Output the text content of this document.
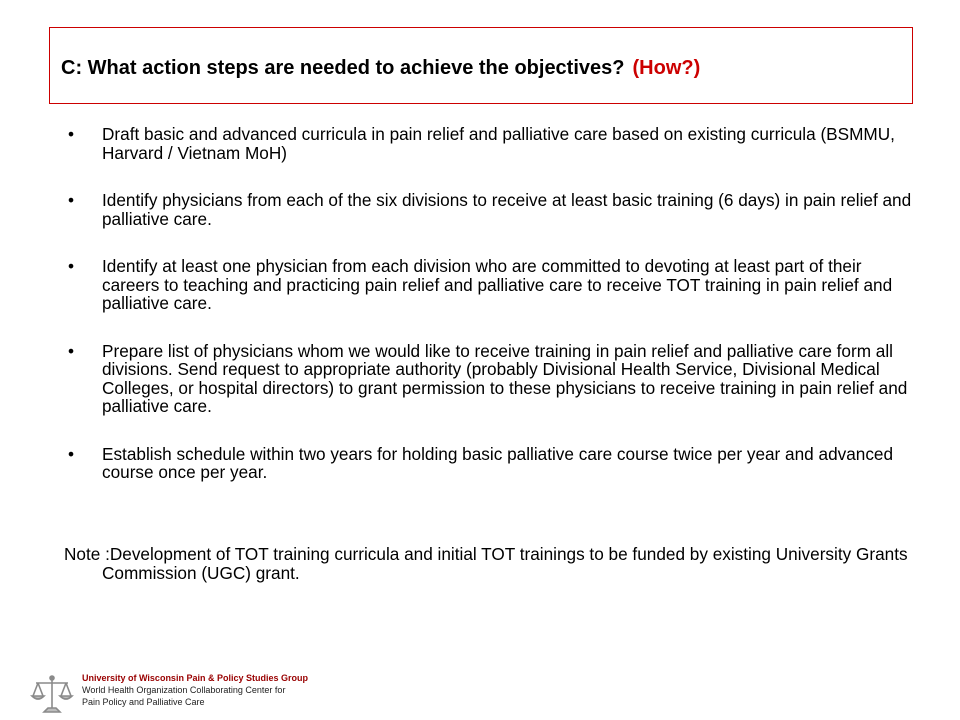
C: What action steps are needed to achieve the objectives? (How?)
• Draft basic and advanced curricula in pain relief and palliative care based on existing curricula (BSMMU, Harvard / Vietnam MoH)
• Identify physicians from each of the six divisions to receive at least basic training (6 days) in pain relief and palliative care.
• Identify at least one physician from each division who are committed to devoting at least part of their careers to teaching and practicing pain relief and palliative care to receive TOT training in pain relief and palliative care.
• Prepare list of physicians whom we would like to receive training in pain relief and palliative care form all divisions. Send request to appropriate authority (probably Divisional Health Service, Divisional Medical Colleges, or hospital directors) to grant permission to these physicians to receive training in pain relief and palliative care.
• Establish schedule within two years for holding basic palliative care course twice per year and advanced course once per year.
Note :Development of TOT training curricula and initial TOT trainings to be funded by existing University Grants Commission (UGC) grant.
University of Wisconsin Pain & Policy Studies Group
World Health Organization Collaborating Center for
Pain Policy and Palliative Care
